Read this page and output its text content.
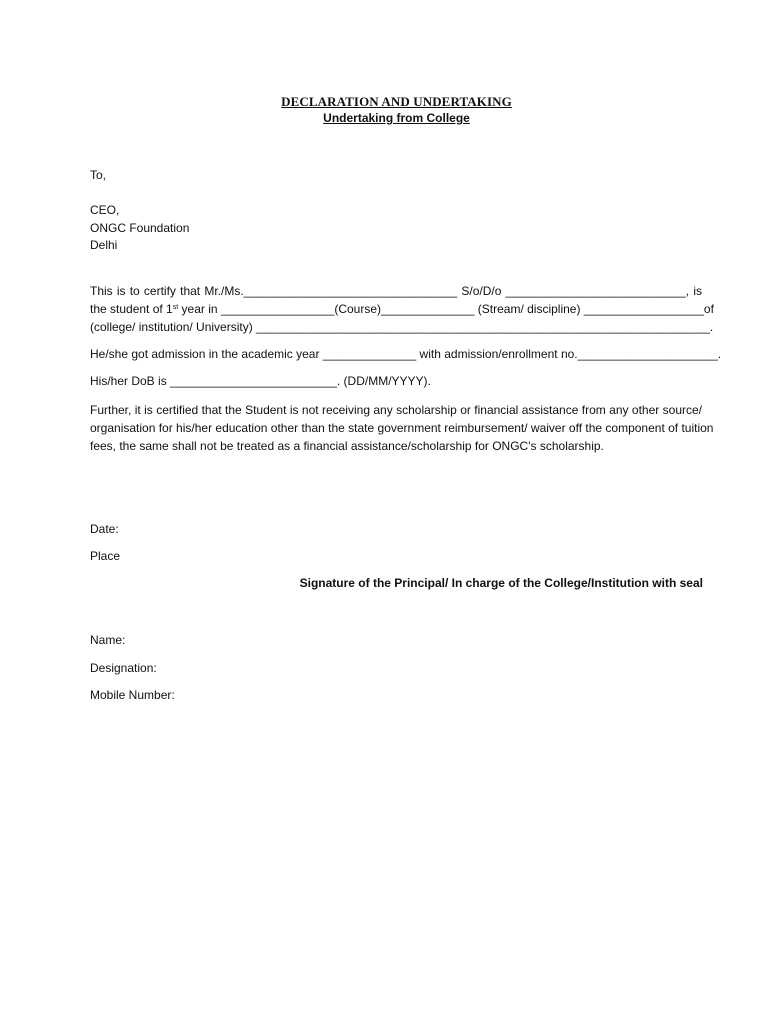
DECLARATION AND UNDERTAKING
Undertaking from College
To,
CEO,
ONGC Foundation
Delhi
This is to certify that Mr./Ms.________________________________ S/o/D/o ___________________________, is
the student of 1st year in _________________(Course)______________ (Stream/ discipline) __________________of
(college/ institution/ University) ____________________________________________________________________.
He/she got admission in the academic year ______________ with admission/enrollment no._____________________.
His/her DoB is _________________________. (DD/MM/YYYY).
Further, it is certified that the Student is not receiving any scholarship or financial assistance from any other source/
organisation for his/her education other than the state government reimbursement/ waiver off the component of tuition
fees, the same shall not be treated as a financial assistance/scholarship for ONGC's scholarship.
Date:
Place
Signature of the Principal/ In charge of the College/Institution with seal
Name:
Designation:
Mobile Number:
